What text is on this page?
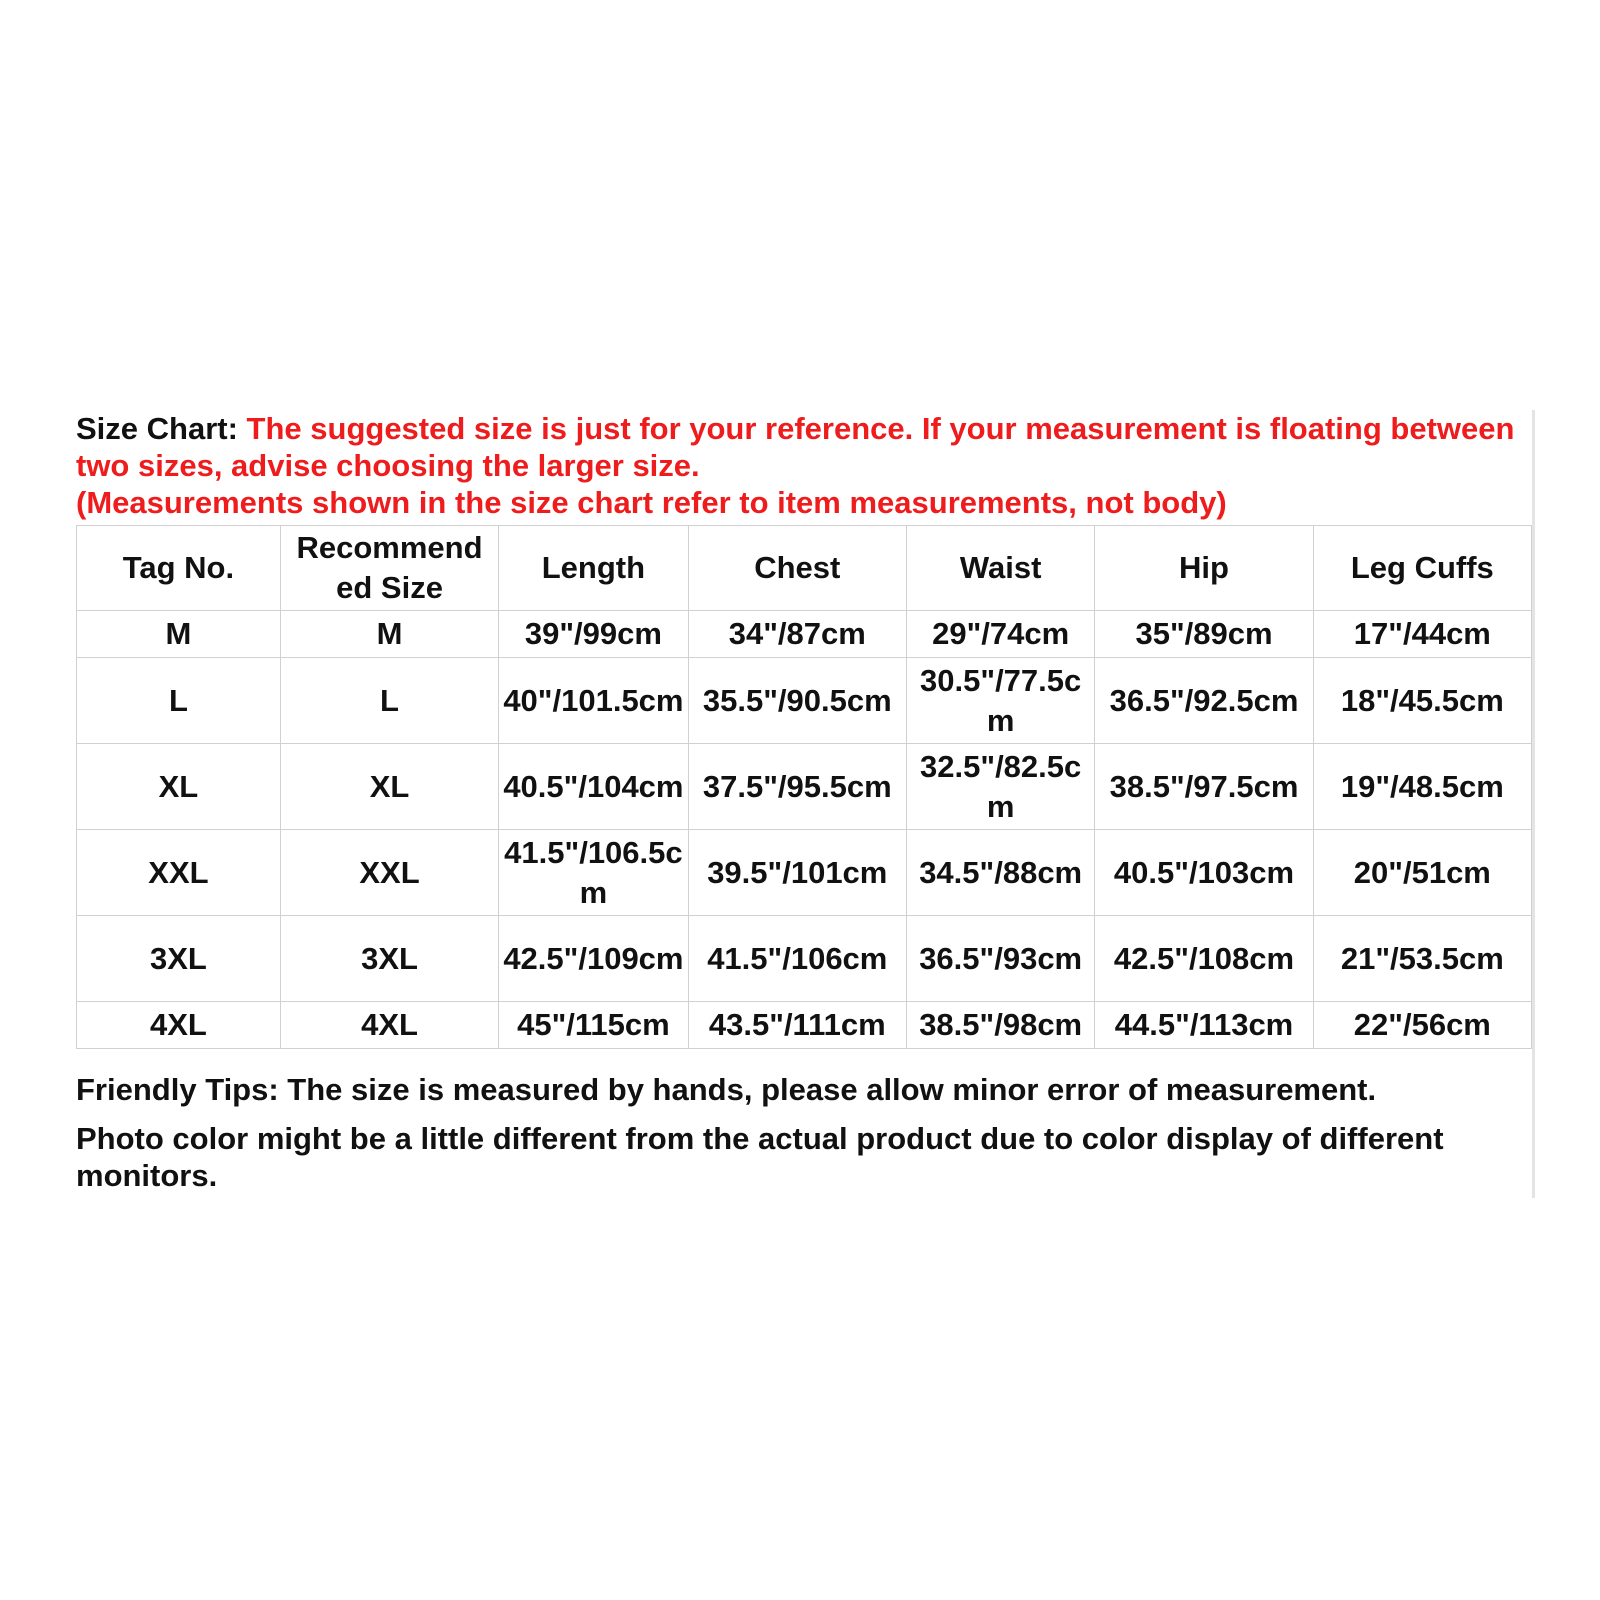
Size Chart: The suggested size is just for your reference. If your measurement is floating between two sizes, advise choosing the larger size.
(Measurements shown in the size chart refer to item measurements, not body)
Tag No.	Recommend ed Size	Length	Chest	Waist	Hip	Leg Cuffs
M	M	39"/99cm	34"/87cm	29"/74cm	35"/89cm	17"/44cm
L	L	40"/101.5cm	35.5"/90.5cm	30.5"/77.5cm	36.5"/92.5cm	18"/45.5cm
XL	XL	40.5"/104cm	37.5"/95.5cm	32.5"/82.5cm	38.5"/97.5cm	19"/48.5cm
XXL	XXL	41.5"/106.5cm	39.5"/101cm	34.5"/88cm	40.5"/103cm	20"/51cm
3XL	3XL	42.5"/109cm	41.5"/106cm	36.5"/93cm	42.5"/108cm	21"/53.5cm
4XL	4XL	45"/115cm	43.5"/111cm	38.5"/98cm	44.5"/113cm	22"/56cm

Friendly Tips: The size is measured by hands, please allow minor error of measurement.

Photo color might be a little different from the actual product due to color display of different monitors.
